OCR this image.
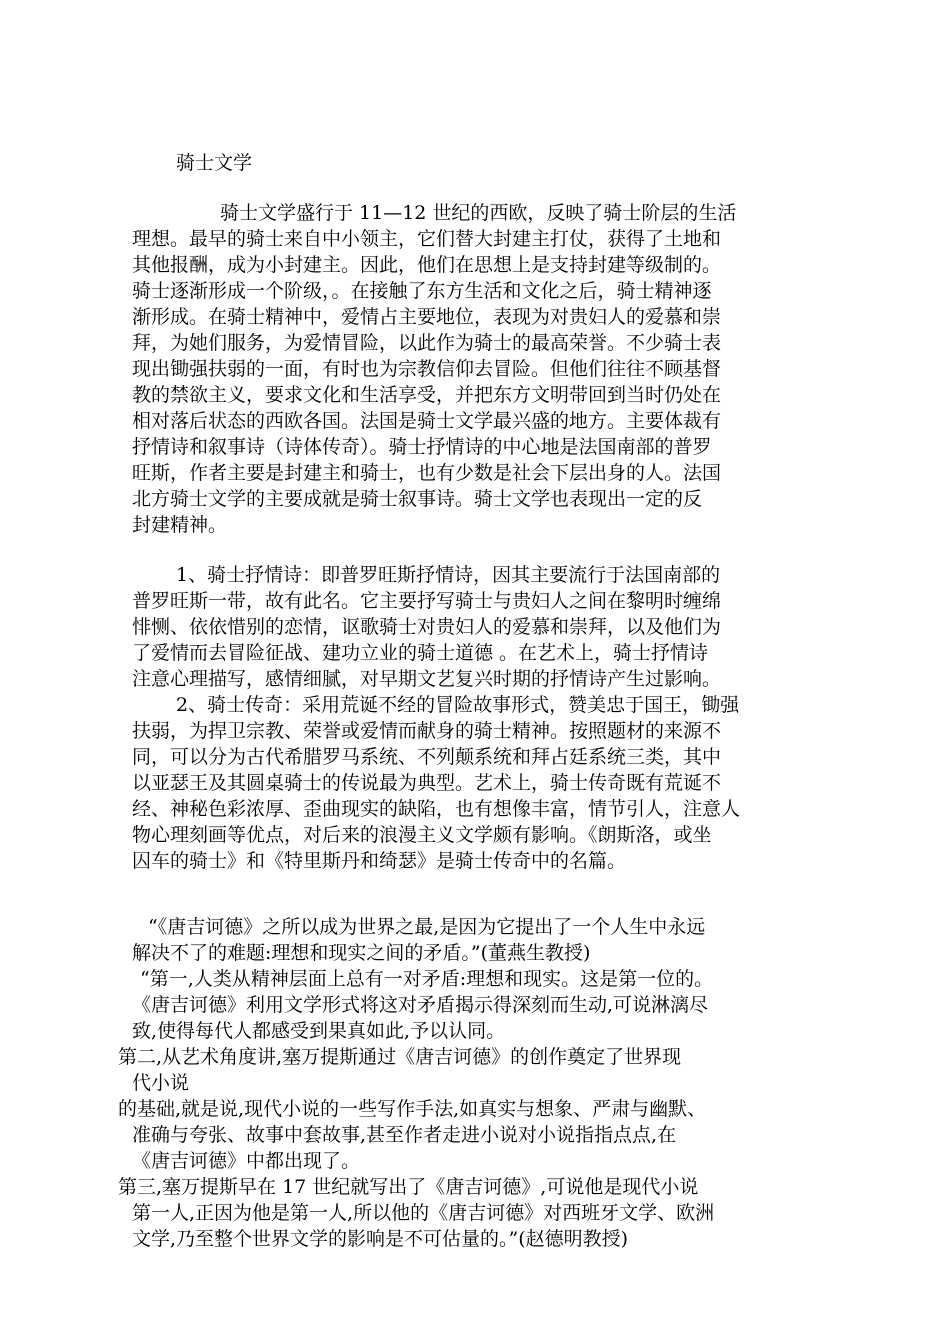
骑士文学
骑士文学盛行于 11—12 世纪的西欧，反映了骑士阶层的生活
理想。最早的骑士来自中小领主，它们替大封建主打仗，获得了土地和
其他报酬，成为小封建主。因此，他们在思想上是支持封建等级制的。
骑士逐渐形成一个阶级，。在接触了东方生活和文化之后，骑士精神逐
渐形成。在骑士精神中，爱情占主要地位，表现为对贵妇人的爱慕和崇
拜，为她们服务，为爱情冒险，以此作为骑士的最高荣誉。不少骑士表
现出锄强扶弱的一面，有时也为宗教信仰去冒险。但他们往往不顾基督
教的禁欲主义，要求文化和生活享受，并把东方文明带回到当时仍处在
相对落后状态的西欧各国。法国是骑士文学最兴盛的地方。主要体裁有
抒情诗和叙事诗（诗体传奇）。骑士抒情诗的中心地是法国南部的普罗
旺斯，作者主要是封建主和骑士，也有少数是社会下层出身的人。法国
北方骑士文学的主要成就是骑士叙事诗。骑士文学也表现出一定的反
封建精神。
1、骑士抒情诗：即普罗旺斯抒情诗，因其主要流行于法国南部的
普罗旺斯一带，故有此名。它主要抒写骑士与贵妇人之间在黎明时缠绵
悱恻、依依惜别的恋情，讴歌骑士对贵妇人的爱慕和崇拜，以及他们为
了爱情而去冒险征战、建功立业的骑士道德 。在艺术上，骑士抒情诗
注意心理描写，感情细腻，对早期文艺复兴时期的抒情诗产生过影响。
2、骑士传奇：采用荒诞不经的冒险故事形式，赞美忠于国王，锄强
扶弱，为捍卫宗教、荣誉或爱情而献身的骑士精神。按照题材的来源不
同，可以分为古代希腊罗马系统、不列颠系统和拜占廷系统三类，其中
以亚瑟王及其圆桌骑士的传说最为典型。艺术上，骑士传奇既有荒诞不
经、神秘色彩浓厚、歪曲现实的缺陷，也有想像丰富，情节引人，注意人
物心理刻画等优点，对后来的浪漫主义文学颇有影响。《朗斯洛，或坐
囚车的骑士》和《特里斯丹和绮瑟》是骑士传奇中的名篇。
“《唐吉诃德》之所以成为世界之最,是因为它提出了一个人生中永远
解决不了的难题:理想和现实之间的矛盾。”(董燕生教授)
“第一,人类从精神层面上总有一对矛盾:理想和现实。这是第一位的。
《唐吉诃德》利用文学形式将这对矛盾揭示得深刻而生动,可说淋漓尽
致,使得每代人都感受到果真如此,予以认同。
第二,从艺术角度讲,塞万提斯通过《唐吉诃德》的创作奠定了世界现
代小说
的基础,就是说,现代小说的一些写作手法,如真实与想象、严肃与幽默、
准确与夸张、故事中套故事,甚至作者走进小说对小说指指点点,在
《唐吉诃德》中都出现了。
第三,塞万提斯早在 17 世纪就写出了《唐吉诃德》,可说他是现代小说
第一人,正因为他是第一人,所以他的《唐吉诃德》对西班牙文学、欧洲
文学,乃至整个世界文学的影响是不可估量的。”(赵德明教授)
